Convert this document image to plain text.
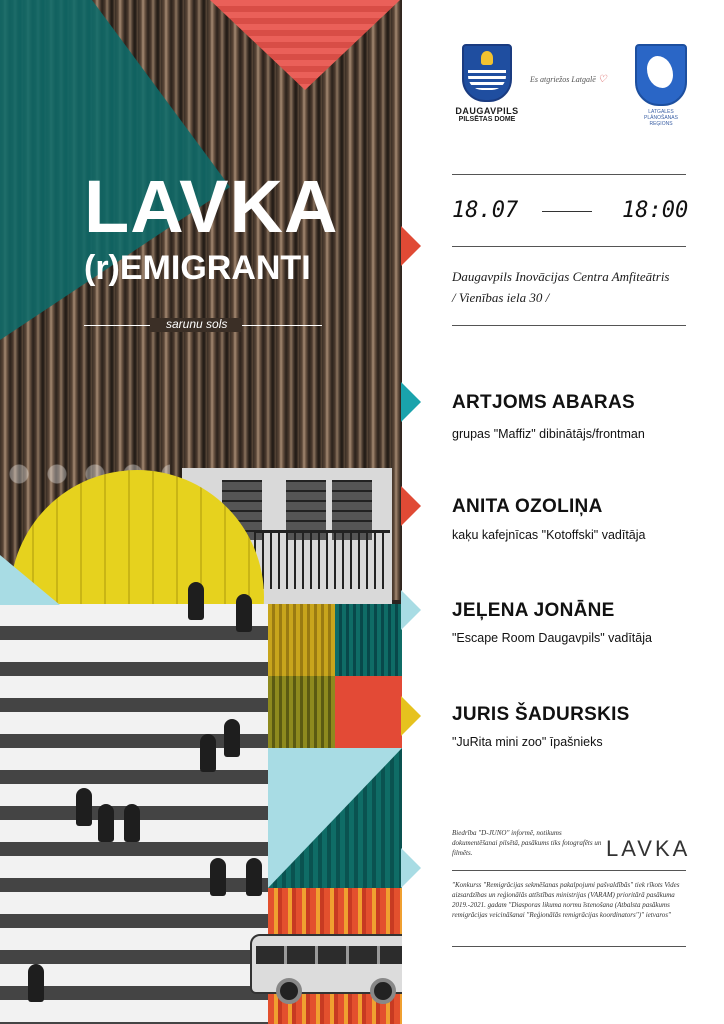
LAVKA
(r)EMIGRANTI
sarunu sols
DAUGAVPILS
PILSĒTAS DOME
Es atgriežos Latgalē ♡
LATGALES PLĀNOŠANAS REĢIONS
18.07	18:00
Daugavpils Inovācijas Centra Amfiteātris
/ Vienības iela 30 /
ARTJOMS ABARAS
grupas "Maffiz" dibinātājs/frontman
ANITA OZOLIŅA
kaķu kafejnīcas "Kotoffski" vadītāja
JEĻENA JONĀNE
"Escape Room Daugavpils" vadītāja
JURIS ŠADURSKIS
"JuRita mini zoo" īpašnieks
Biedrība "D-JUNO" informē, notikums dokumentēšanai pilsētā, pasākums tiks fotografēts un filmēts.	LAVKA
"Konkurss "Remigrācijas sekmēšanas pakalpojumi pašvaldībās" tiek rīkots Vides aizsardzības un reģionālās attīstības ministrijas (VARAM) prioritārā pasākuma 2019.-2021. gadam "Diasporas likuma normu īstenošana (Atbalsta pasākums remigrācijas veicināšanai "Reģionālās remigrācijas koordinators")" ietvaros"
